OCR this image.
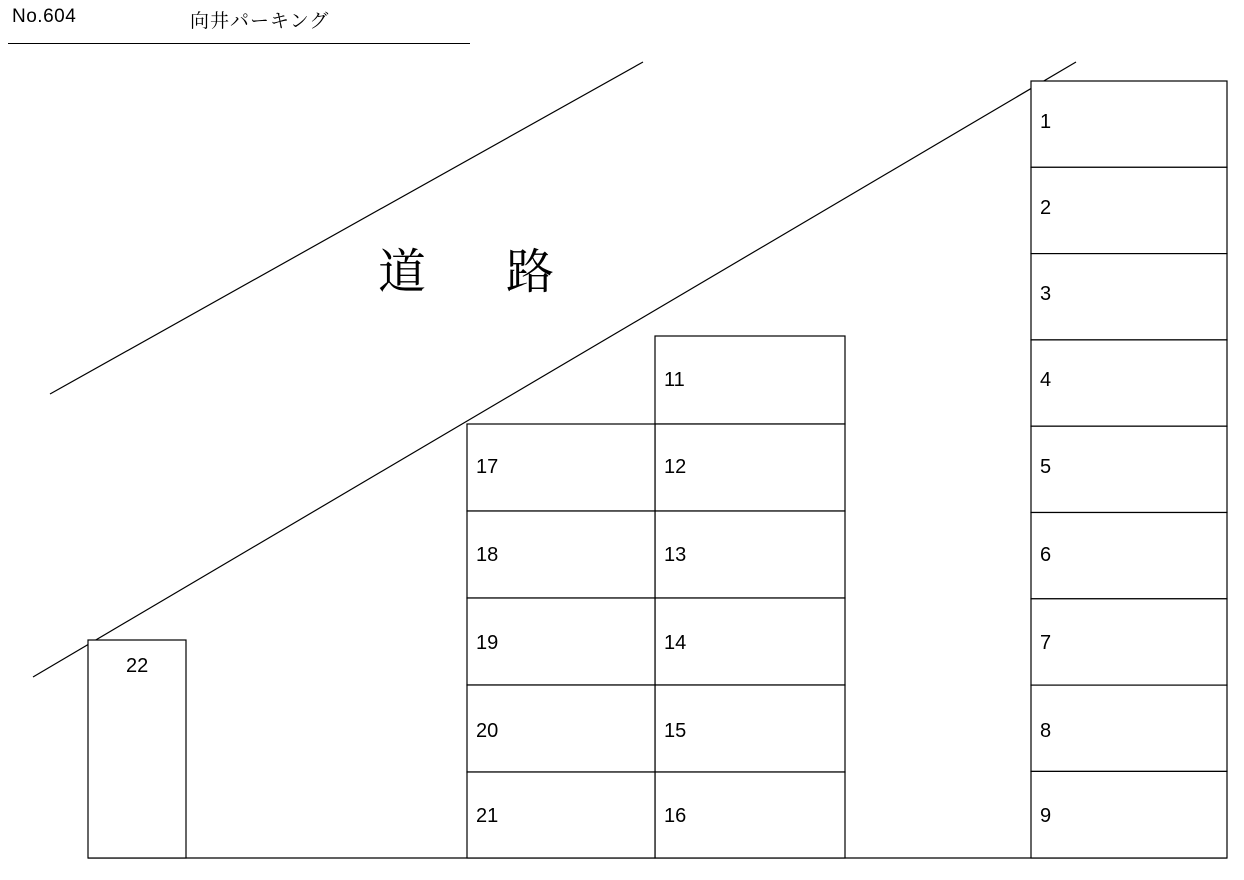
No.604	向井パーキング
道　路
1
2
3
4
5
6
7
8
9
11
12
13
14
15
16
17
18
19
20
21
22
